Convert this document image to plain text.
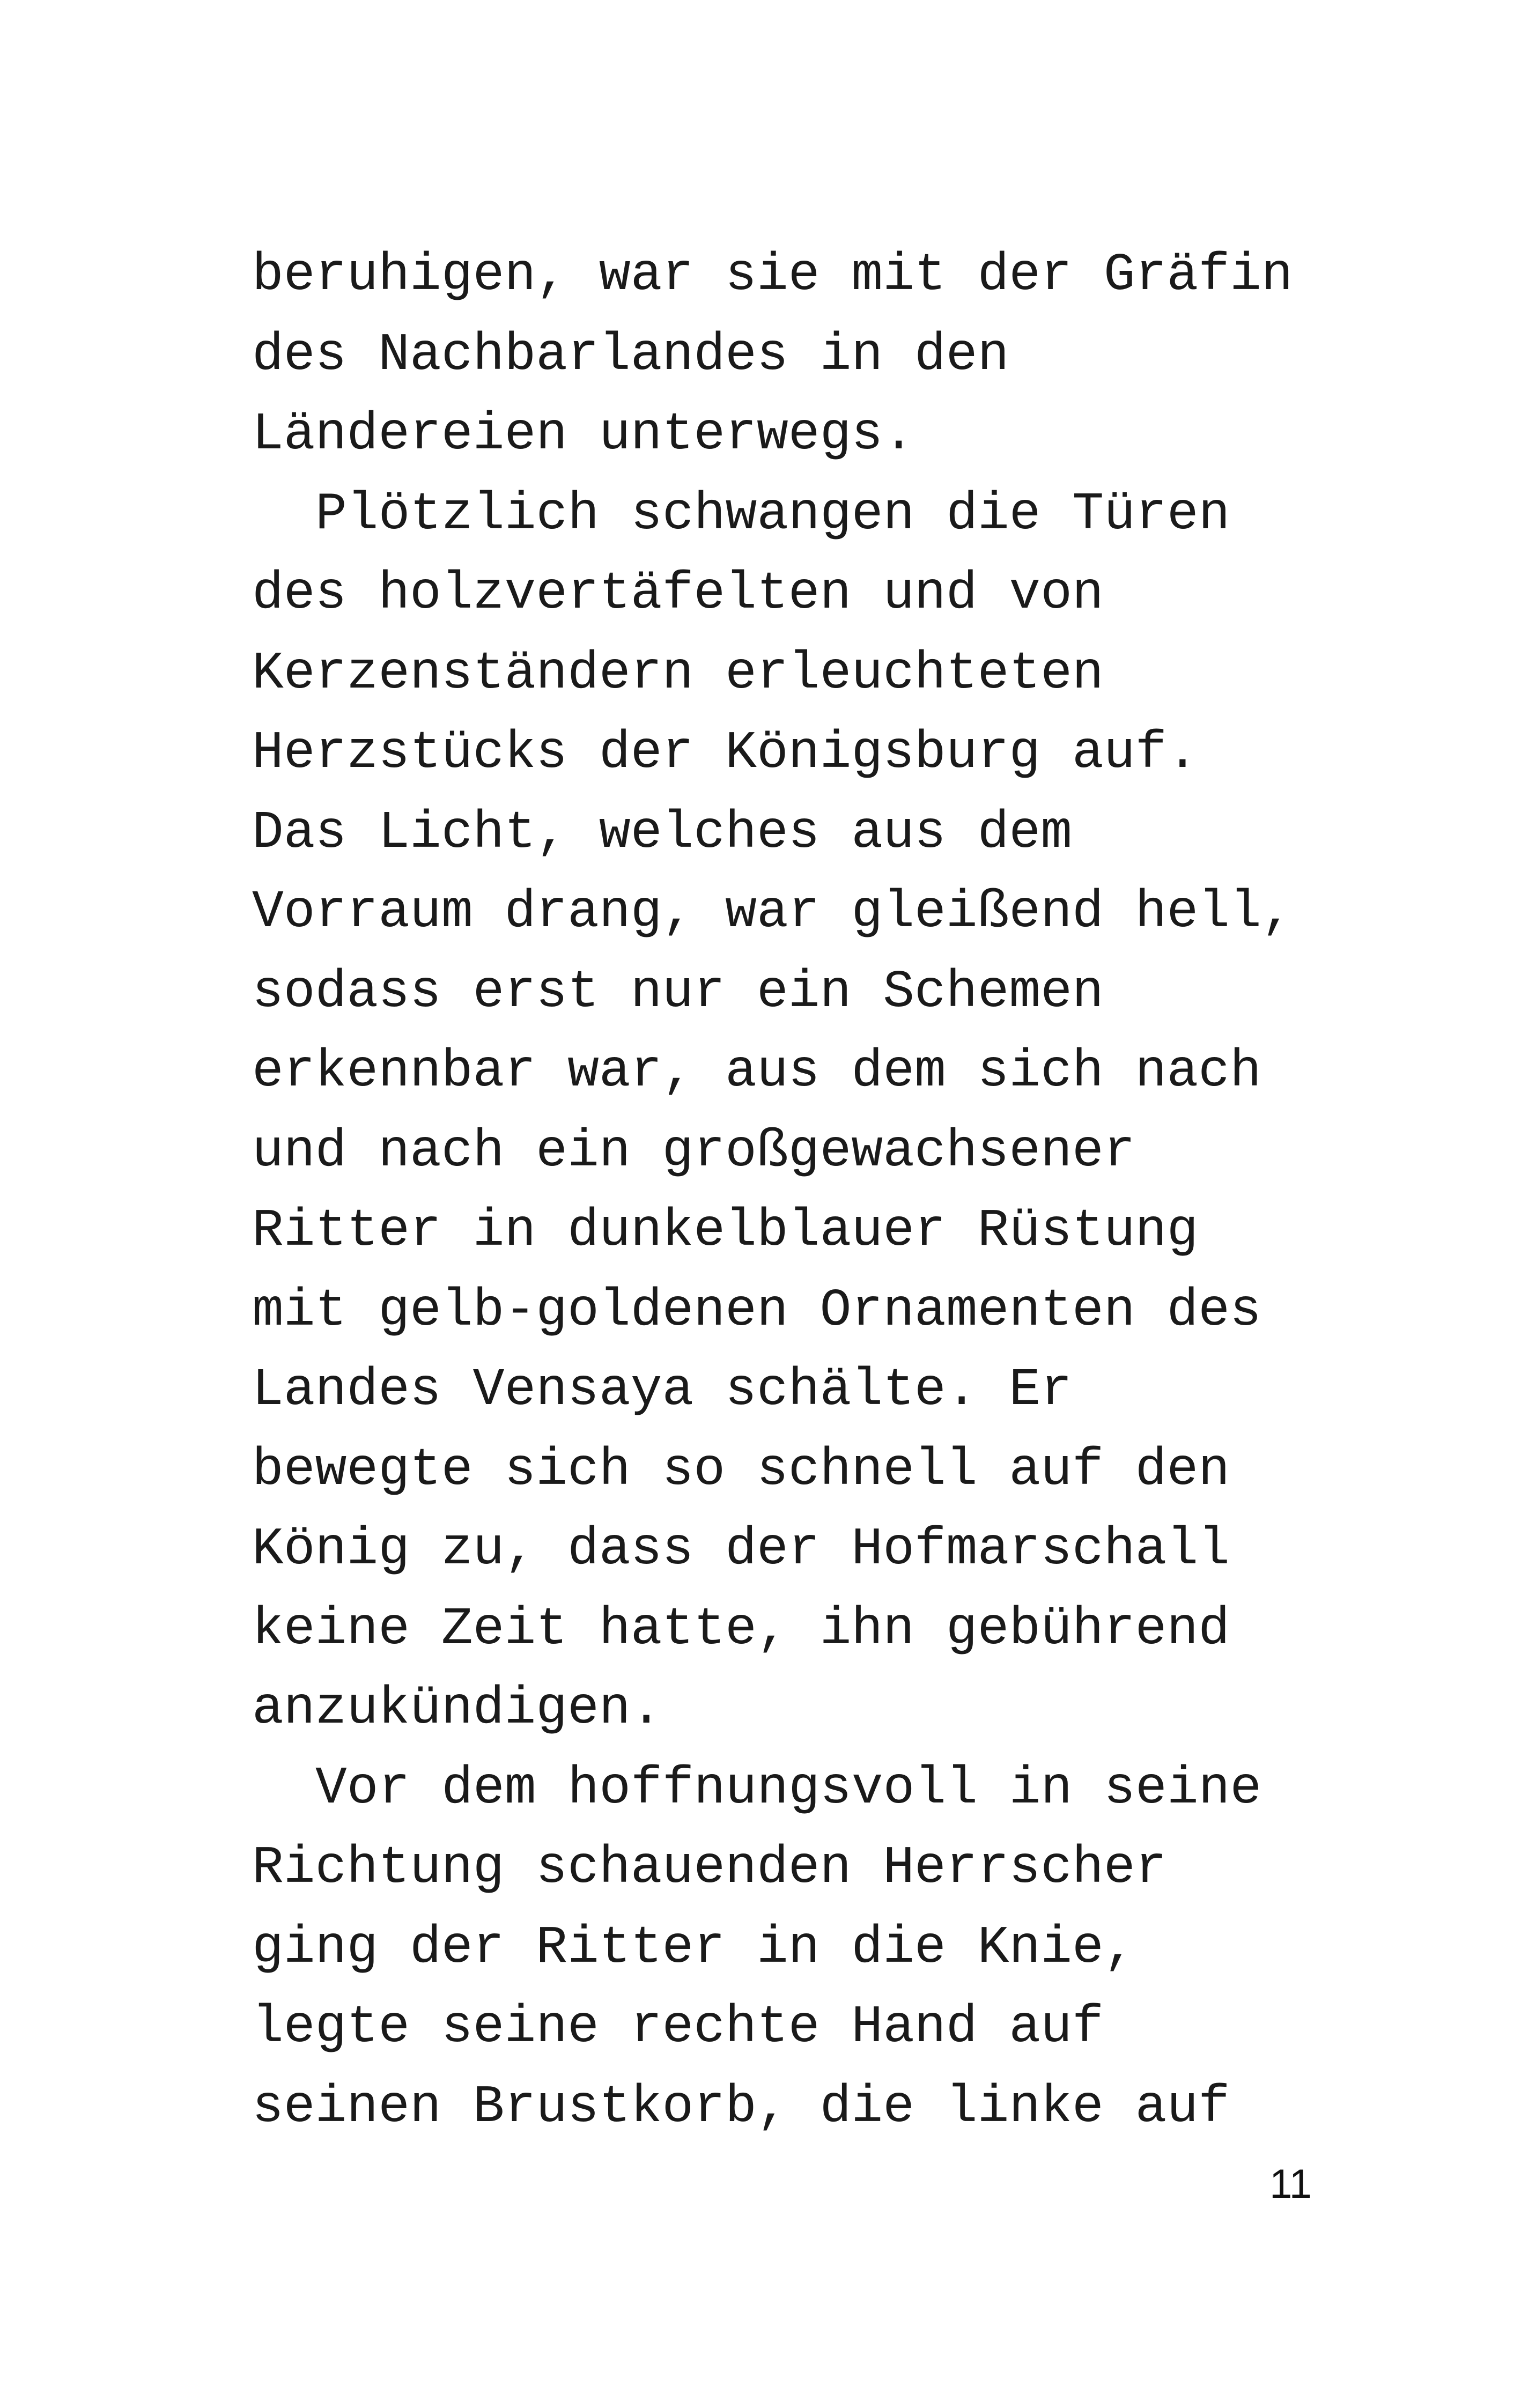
beruhigen, war sie mit der Gräfin
des Nachbarlandes in den
Ländereien unterwegs.
Plötzlich schwangen die Türen
des holzvertäfelten und von
Kerzenständern erleuchteten
Herzstücks der Königsburg auf.
Das Licht, welches aus dem
Vorraum drang, war gleißend hell,
sodass erst nur ein Schemen
erkennbar war, aus dem sich nach
und nach ein großgewachsener
Ritter in dunkelblauer Rüstung
mit gelb-goldenen Ornamenten des
Landes Vensaya schälte. Er
bewegte sich so schnell auf den
König zu, dass der Hofmarschall
keine Zeit hatte, ihn gebührend
anzukündigen.
Vor dem hoffnungsvoll in seine
Richtung schauenden Herrscher
ging der Ritter in die Knie,
legte seine rechte Hand auf
seinen Brustkorb, die linke auf
11
